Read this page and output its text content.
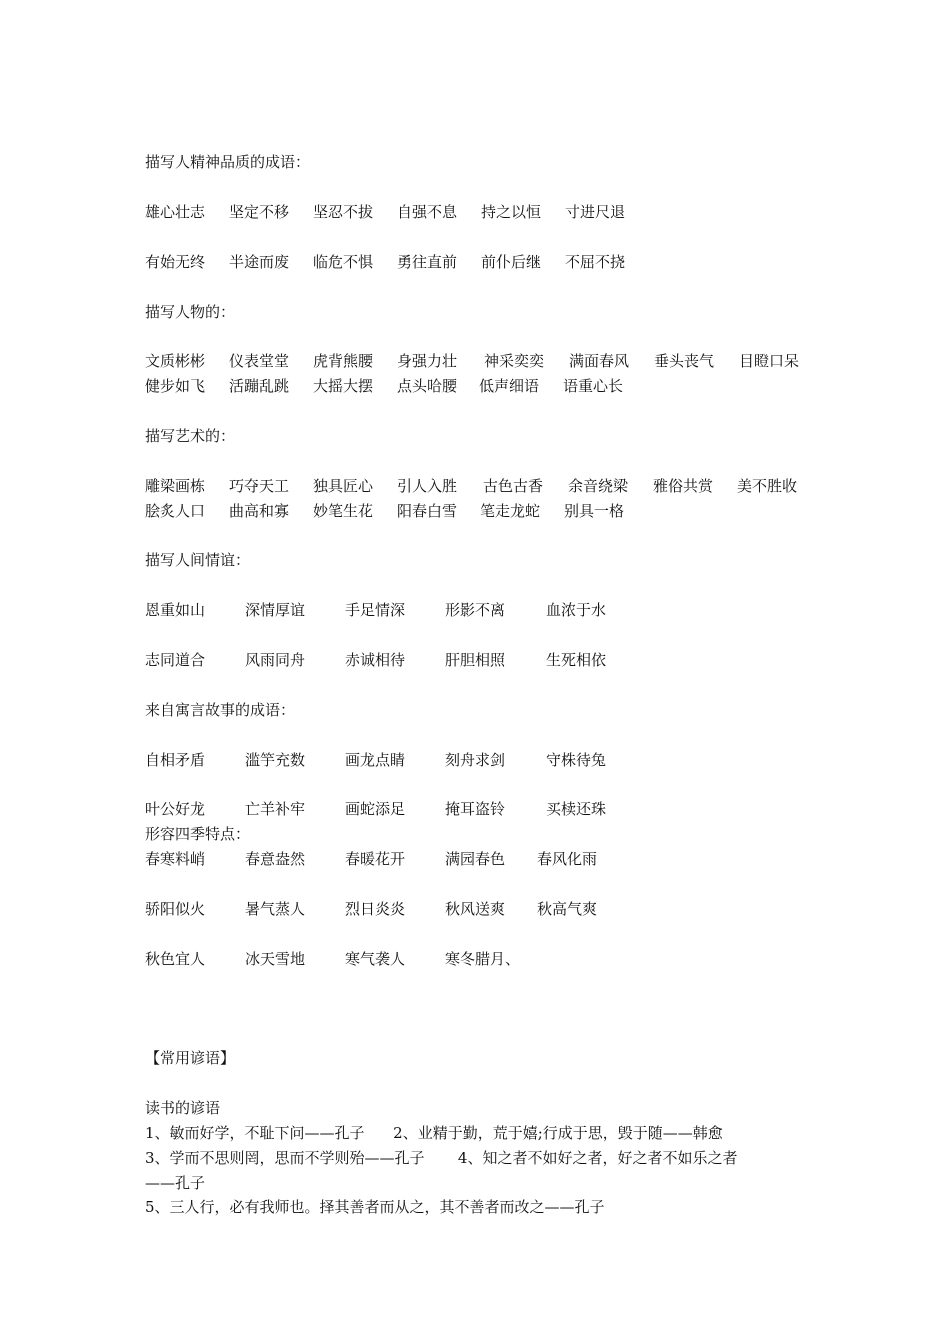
描写人精神品质的成语：
雄心壮志 坚定不移 坚忍不拔 自强不息 持之以恒 寸进尺退
有始无终 半途而废 临危不惧 勇往直前 前仆后继 不屈不挠
描写人物的：
文质彬彬 仪表堂堂 虎背熊腰 身强力壮 神采奕奕 满面春风 垂头丧气 目瞪口呆
健步如飞 活蹦乱跳 大摇大摆 点头哈腰 低声细语 语重心长
描写艺术的：
雕梁画栋 巧夺天工 独具匠心 引人入胜 古色古香 余音绕梁 雅俗共赏 美不胜收
脍炙人口 曲高和寡 妙笔生花 阳春白雪 笔走龙蛇 别具一格
描写人间情谊：
恩重如山	深情厚谊	手足情深	形影不离	血浓于水
志同道合	风雨同舟	赤诚相待	肝胆相照	生死相依
来自寓言故事的成语：
自相矛盾	滥竽充数	画龙点睛	刻舟求剑	守株待兔
叶公好龙	亡羊补牢	画蛇添足	掩耳盗铃	买椟还珠
形容四季特点：
春寒料峭	春意盎然	春暖花开	满园春色 春风化雨
骄阳似火	暑气蒸人	烈日炎炎	秋风送爽 秋高气爽
秋色宜人	冰天雪地	寒气袭人	寒冬腊月、
【常用谚语】
读书的谚语
1、敏而好学，不耻下问——孔子      2、业精于勤，荒于嬉;行成于思，毁于随——韩愈
3、学而不思则罔，思而不学则殆——孔子       4、知之者不如好之者，好之者不如乐之者
——孔子
5、三人行，必有我师也。择其善者而从之，其不善者而改之——孔子
